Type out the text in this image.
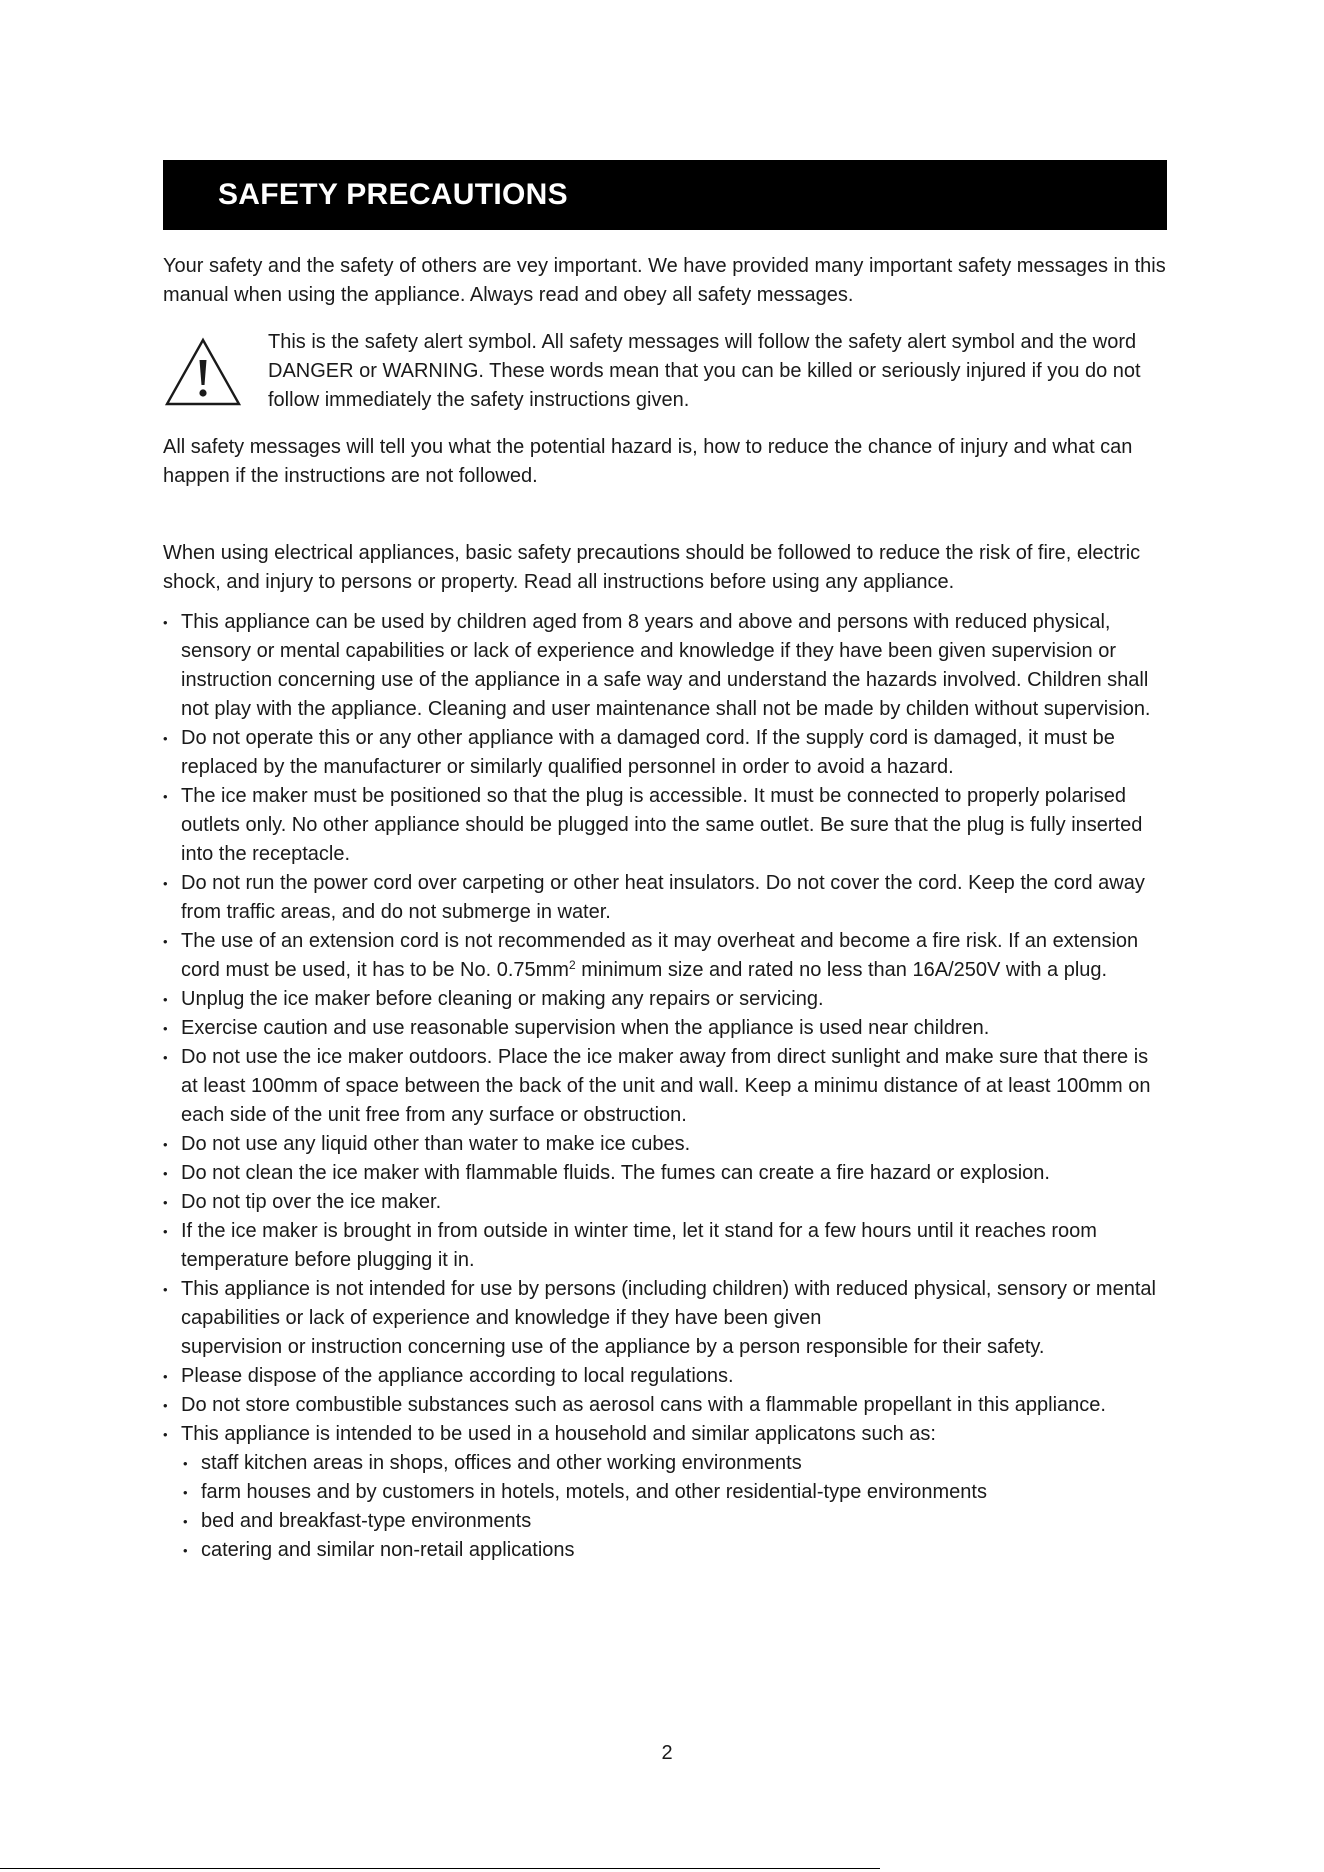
SAFETY PRECAUTIONS

Your safety and the safety of others are vey important. We have provided many important safety messages in this manual when using the appliance. Always read and obey all safety messages.

This is the safety alert symbol. All safety messages will follow the safety alert symbol and the word DANGER or WARNING. These words mean that you can be killed or seriously injured if you do not follow immediately the safety instructions given.

All safety messages will tell you what the potential hazard is, how to reduce the chance of injury and what can happen if the instructions are not followed.

When using electrical appliances, basic safety precautions should be followed to reduce the risk of fire, electric shock, and injury to persons or property. Read all instructions before using any appliance.

• This appliance can be used by children aged from 8 years and above and persons with reduced physical, sensory or mental capabilities or lack of experience and knowledge if they have been given supervision or instruction concerning use of the appliance in a safe way and understand the hazards involved. Children shall not play with the appliance. Cleaning and user maintenance shall not be made by childen without supervision.
• Do not operate this or any other appliance with a damaged cord. If the supply cord is damaged, it must be replaced by the manufacturer or similarly qualified personnel in order to avoid a hazard.
• The ice maker must be positioned so that the plug is accessible. It must be connected to properly polarised outlets only. No other appliance should be plugged into the same outlet. Be sure that the plug is fully inserted into the receptacle.
• Do not run the power cord over carpeting or other heat insulators. Do not cover the cord. Keep the cord away from traffic areas, and do not submerge in water.
• The use of an extension cord is not recommended as it may overheat and become a fire risk. If an extension cord must be used, it has to be No. $0.75mm^2$ minimum size and rated no less than 16A/250V with a plug.
• Unplug the ice maker before cleaning or making any repairs or servicing.
• Exercise caution and use reasonable supervision when the appliance is used near children.
• Do not use the ice maker outdoors. Place the ice maker away from direct sunlight and make sure that there is at least 100mm of space between the back of the unit and wall. Keep a minimu distance of at least 100mm on each side of the unit free from any surface or obstruction.
• Do not use any liquid other than water to make ice cubes.
• Do not clean the ice maker with flammable fluids. The fumes can create a fire hazard or explosion.
• Do not tip over the ice maker.
• If the ice maker is brought in from outside in winter time, let it stand for a few hours until it reaches room temperature before plugging it in.
• This appliance is not intended for use by persons (including children) with reduced physical, sensory or mental capabilities or lack of experience and knowledge if they have been given
supervision or instruction concerning use of the appliance by a person responsible for their safety.
• Please dispose of the appliance according to local regulations.
• Do not store combustible substances such as aerosol cans with a flammable propellant in this appliance.
• This appliance is intended to be used in a household and similar applicatons such as:
• staff kitchen areas in shops, offices and other working environments
• farm houses and by customers in hotels, motels, and other residential-type environments
• bed and breakfast-type environments
• catering and similar non-retail applications
2
